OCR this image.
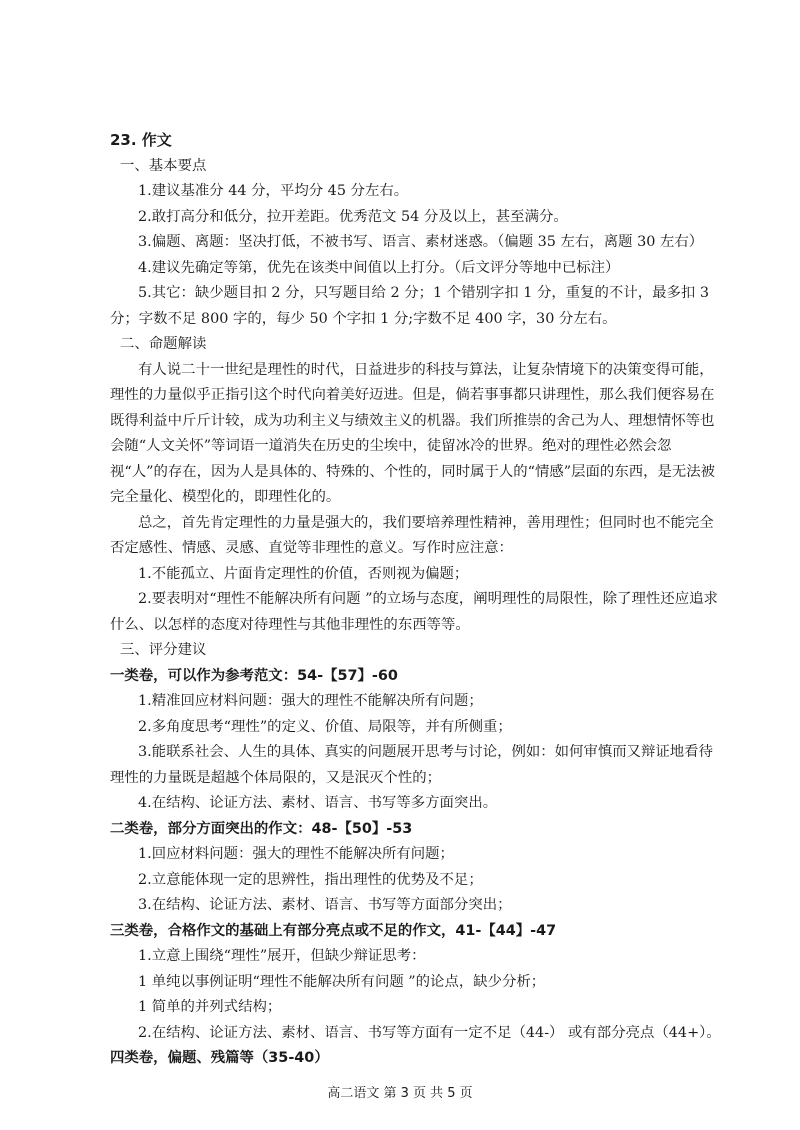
23. 作文

一、基本要点

1.建议基准分 44 分，平均分 45 分左右。

2.敢打高分和低分，拉开差距。优秀范文 54 分及以上，甚至满分。

3.偏题、离题：坚决打低，不被书写、语言、素材迷惑。（偏题 35 左右，离题 30 左右）

4.建议先确定等第，优先在该类中间值以上打分。（后文评分等地中已标注）

5.其它：缺少题目扣 2 分，只写题目给 2 分；1 个错别字扣 1 分，重复的不计，最多扣 3 分；字数不足 800 字的，每少 50 个字扣 1 分;字数不足 400 字，30 分左右。

二、命题解读

有人说二十一世纪是理性的时代，日益进步的科技与算法，让复杂情境下的决策变得可能，理性的力量似乎正指引这个时代向着美好迈进。但是，倘若事事都只讲理性，那么我们便容易在既得利益中斤斤计较，成为功利主义与绩效主义的机器。我们所推崇的舍己为人、理想情怀等也会随“人文关怀”等词语一道消失在历史的尘埃中，徒留冰冷的世界。绝对的理性必然会忽视“人”的存在，因为人是具体的、特殊的、个性的，同时属于人的“情感”层面的东西，是无法被完全量化、模型化的，即理性化的。

总之，首先肯定理性的力量是强大的，我们要培养理性精神，善用理性；但同时也不能完全否定感性、情感、灵感、直觉等非理性的意义。写作时应注意：

1.不能孤立、片面肯定理性的价值，否则视为偏题；

2.要表明对“理性不能解决所有问题 ”的立场与态度，阐明理性的局限性，除了理性还应追求什么、以怎样的态度对待理性与其他非理性的东西等等。

三、评分建议

一类卷，可以作为参考范文：54-【57】-60

1.精准回应材料问题：强大的理性不能解决所有问题；

2.多角度思考“理性”的定义、价值、局限等，并有所侧重；

3.能联系社会、人生的具体、真实的问题展开思考与讨论，例如：如何审慎而又辩证地看待理性的力量既是超越个体局限的，又是泯灭个性的；

4.在结构、论证方法、素材、语言、书写等多方面突出。

二类卷，部分方面突出的作文：48-【50】-53

1.回应材料问题：强大的理性不能解决所有问题；

2.立意能体现一定的思辨性，指出理性的优势及不足；

3.在结构、论证方法、素材、语言、书写等方面部分突出；

三类卷，合格作文的基础上有部分亮点或不足的作文，41-【44】-47

1.立意上围绕“理性”展开，但缺少辩证思考：

1 单纯以事例证明“理性不能解决所有问题 ”的论点，缺少分析；

1 简单的并列式结构；

2.在结构、论证方法、素材、语言、书写等方面有一定不足（44-） 或有部分亮点（44+）。

四类卷，偏题、残篇等（35-40）

高二语文 第 3 页 共 5 页
